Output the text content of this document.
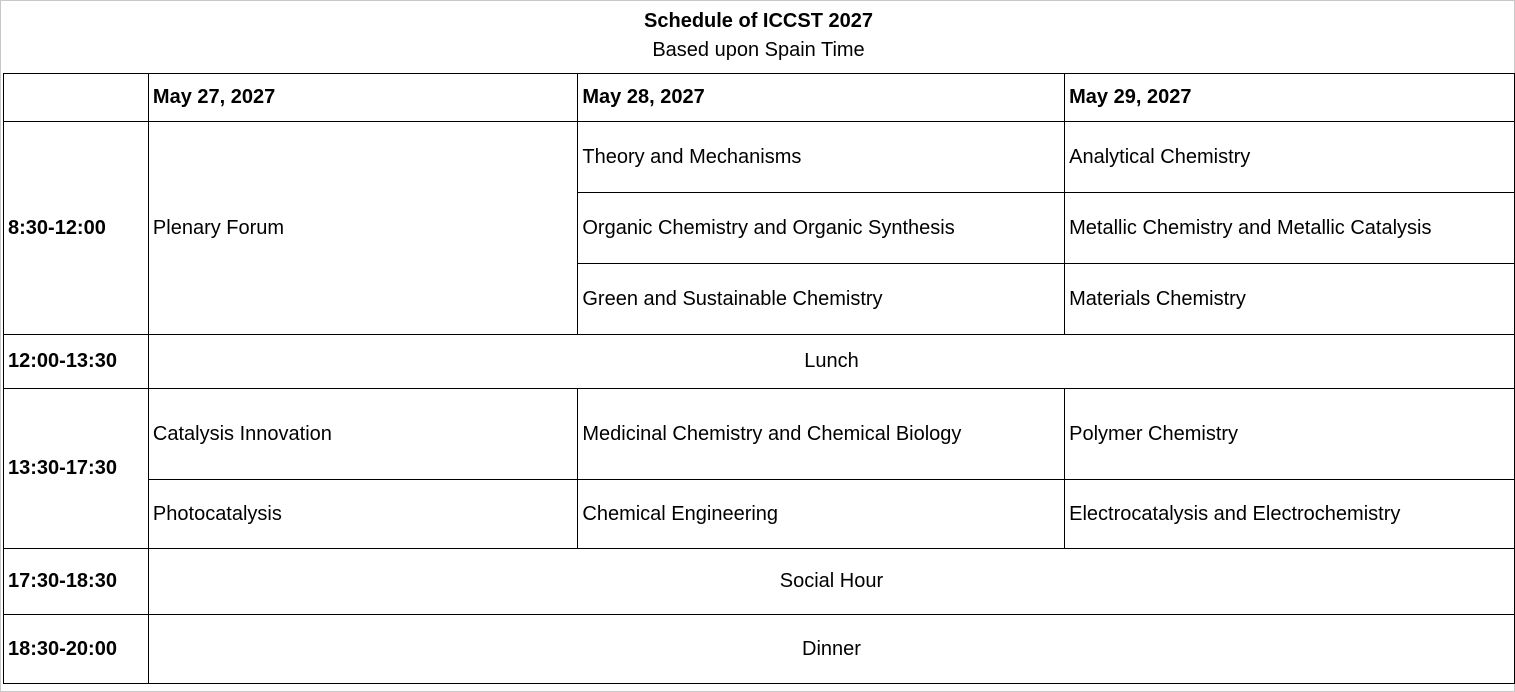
Schedule of ICCST 2027
Based upon Spain Time
	May 27, 2027	May 28, 2027	May 29, 2027
8:30-12:00	Plenary Forum	Theory and Mechanisms	Analytical Chemistry
		Organic Chemistry and Organic Synthesis	Metallic Chemistry and Metallic Catalysis
		Green and Sustainable Chemistry	Materials Chemistry
12:00-13:30	Lunch		
13:30-17:30	Catalysis Innovation	Medicinal Chemistry and Chemical Biology	Polymer Chemistry
	Photocatalysis	Chemical Engineering	Electrocatalysis and Electrochemistry
17:30-18:30	Social Hour		
18:30-20:00	Dinner		
